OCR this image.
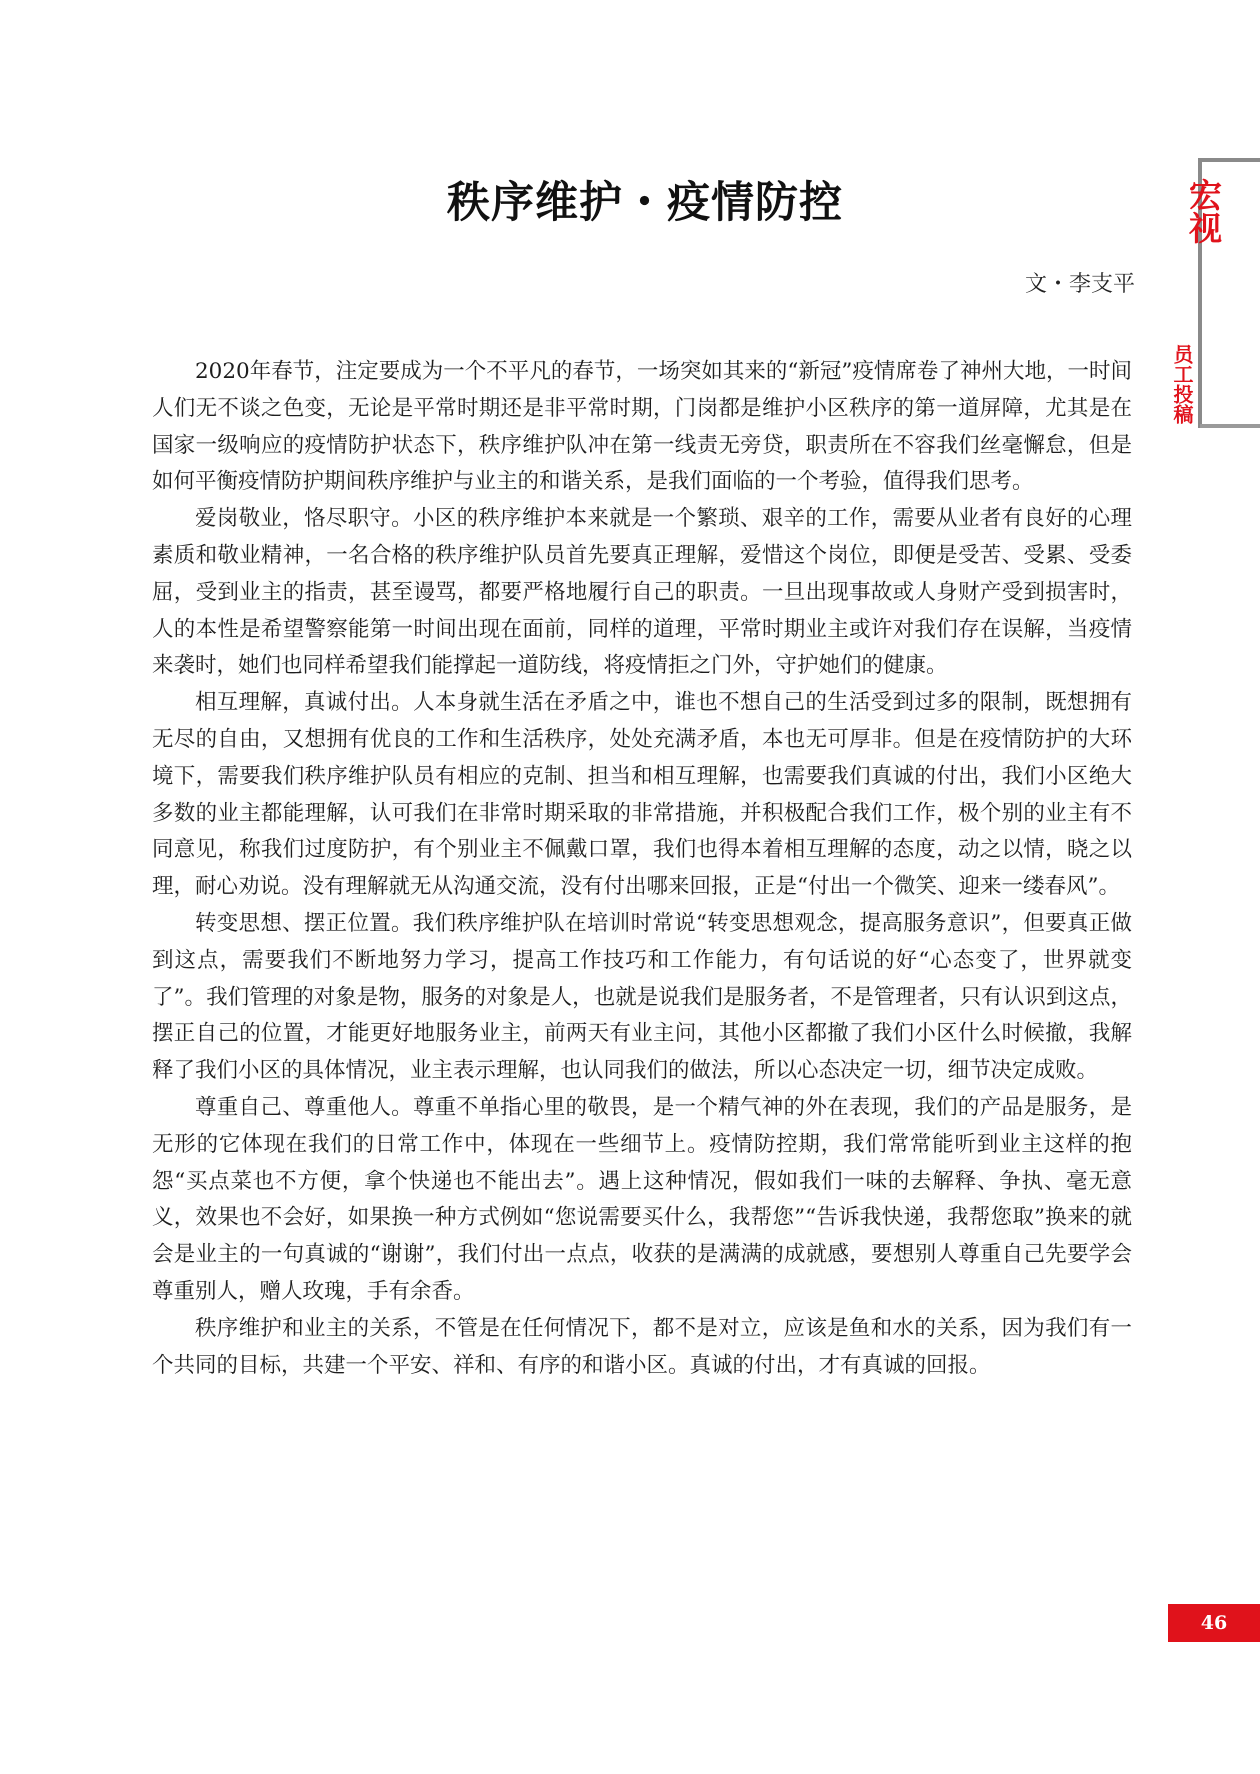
宏视
员工投稿
秩序维护・疫情防控
文・李支平

2020年春节，注定要成为一个不平凡的春节，一场突如其来的“新冠”疫情席卷了神州大地，一时间人们无不谈之色变，无论是平常时期还是非平常时期，门岗都是维护小区秩序的第一道屏障，尤其是在国家一级响应的疫情防护状态下，秩序维护队冲在第一线责无旁贷，职责所在不容我们丝毫懈怠，但是如何平衡疫情防护期间秩序维护与业主的和谐关系，是我们面临的一个考验，值得我们思考。

爱岗敬业，恪尽职守。小区的秩序维护本来就是一个繁琐、艰辛的工作，需要从业者有良好的心理素质和敬业精神，一名合格的秩序维护队员首先要真正理解，爱惜这个岗位，即便是受苦、受累、受委屈，受到业主的指责，甚至谩骂，都要严格地履行自己的职责。一旦出现事故或人身财产受到损害时，人的本性是希望警察能第一时间出现在面前，同样的道理，平常时期业主或许对我们存在误解，当疫情来袭时，她们也同样希望我们能撑起一道防线，将疫情拒之门外，守护她们的健康。

相互理解，真诚付出。人本身就生活在矛盾之中，谁也不想自己的生活受到过多的限制，既想拥有无尽的自由，又想拥有优良的工作和生活秩序，处处充满矛盾，本也无可厚非。但是在疫情防护的大环境下，需要我们秩序维护队员有相应的克制、担当和相互理解，也需要我们真诚的付出，我们小区绝大多数的业主都能理解，认可我们在非常时期采取的非常措施，并积极配合我们工作，极个别的业主有不同意见，称我们过度防护，有个别业主不佩戴口罩，我们也得本着相互理解的态度，动之以情，晓之以理，耐心劝说。没有理解就无从沟通交流，没有付出哪来回报，正是“付出一个微笑、迎来一缕春风”。

转变思想、摆正位置。我们秩序维护队在培训时常说“转变思想观念，提高服务意识”，但要真正做到这点，需要我们不断地努力学习，提高工作技巧和工作能力，有句话说的好“心态变了，世界就变了”。我们管理的对象是物，服务的对象是人，也就是说我们是服务者，不是管理者，只有认识到这点，摆正自己的位置，才能更好地服务业主，前两天有业主问，其他小区都撤了我们小区什么时候撤，我解释了我们小区的具体情况，业主表示理解，也认同我们的做法，所以心态决定一切，细节决定成败。

尊重自己、尊重他人。尊重不单指心里的敬畏，是一个精气神的外在表现，我们的产品是服务，是无形的它体现在我们的日常工作中，体现在一些细节上。疫情防控期，我们常常能听到业主这样的抱怨“买点菜也不方便，拿个快递也不能出去”。遇上这种情况，假如我们一味的去解释、争执、毫无意义，效果也不会好，如果换一种方式例如“您说需要买什么，我帮您”“告诉我快递，我帮您取”换来的就会是业主的一句真诚的“谢谢”，我们付出一点点，收获的是满满的成就感，要想别人尊重自己先要学会尊重别人，赠人玫瑰，手有余香。

秩序维护和业主的关系，不管是在任何情况下，都不是对立，应该是鱼和水的关系，因为我们有一个共同的目标，共建一个平安、祥和、有序的和谐小区。真诚的付出，才有真诚的回报。

46
